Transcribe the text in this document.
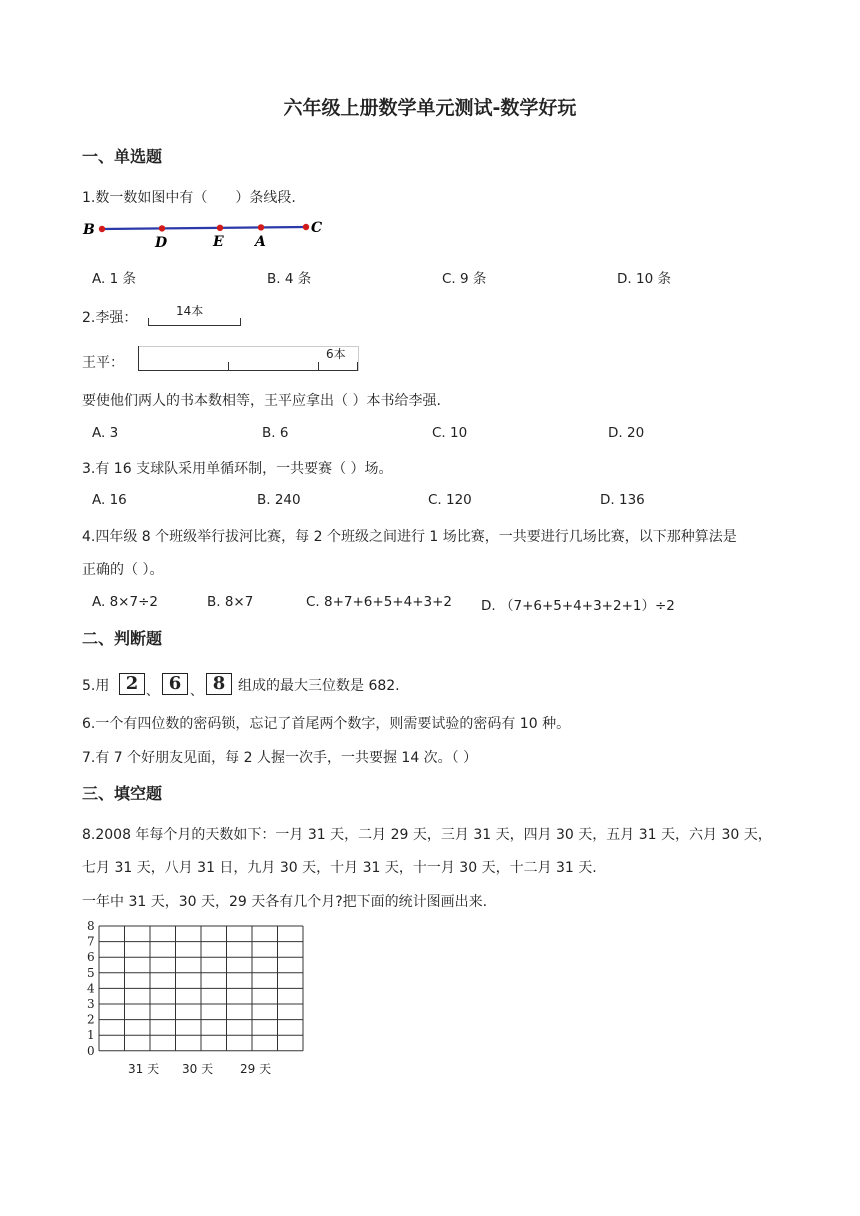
六年级上册数学单元测试-数学好玩
一、单选题
1.数一数如图中有（　　）条线段.
B
D	E A
C
A. 1 条	B. 4 条	C. 9 条	D. 10 条
2.李强：	14本
王平：
6本
要使他们两人的书本数相等，王平应拿出（ ）本书给李强.
A. 3	B. 6	C. 10	D. 20
3.有 16 支球队采用单循环制，一共要赛（ ）场。
A. 16	B. 240	C. 120	D. 136
4.四年级 8 个班级举行拔河比赛，每 2 个班级之间进行 1 场比赛，一共要进行几场比赛，以下那种算法是
正确的（ ）。
A. 8×7÷2	B. 8×7	C. 8+7+6+5+4+3+2 D. （7+6+5+4+3+2+1）÷2
二、判断题
5.用 2 、 6 、 8 组成的最大三位数是 682.
6.一个有四位数的密码锁，忘记了首尾两个数字，则需要试验的密码有 10 种。
7.有 7 个好朋友见面，每 2 人握一次手，一共要握 14 次。（ ）
三、填空题
8.2008 年每个月的天数如下：一月 31 天，二月 29 天，三月 31 天，四月 30 天，五月 31 天，六月 30 天，
七月 31 天，八月 31 日，九月 30 天，十月 31 天，十一月 30 天，十二月 31 天.
一年中 31 天，30 天，29 天各有几个月?把下面的统计图画出来.
0
1
2
3
4
5
6
7
8
31 天 30 天 29 天
